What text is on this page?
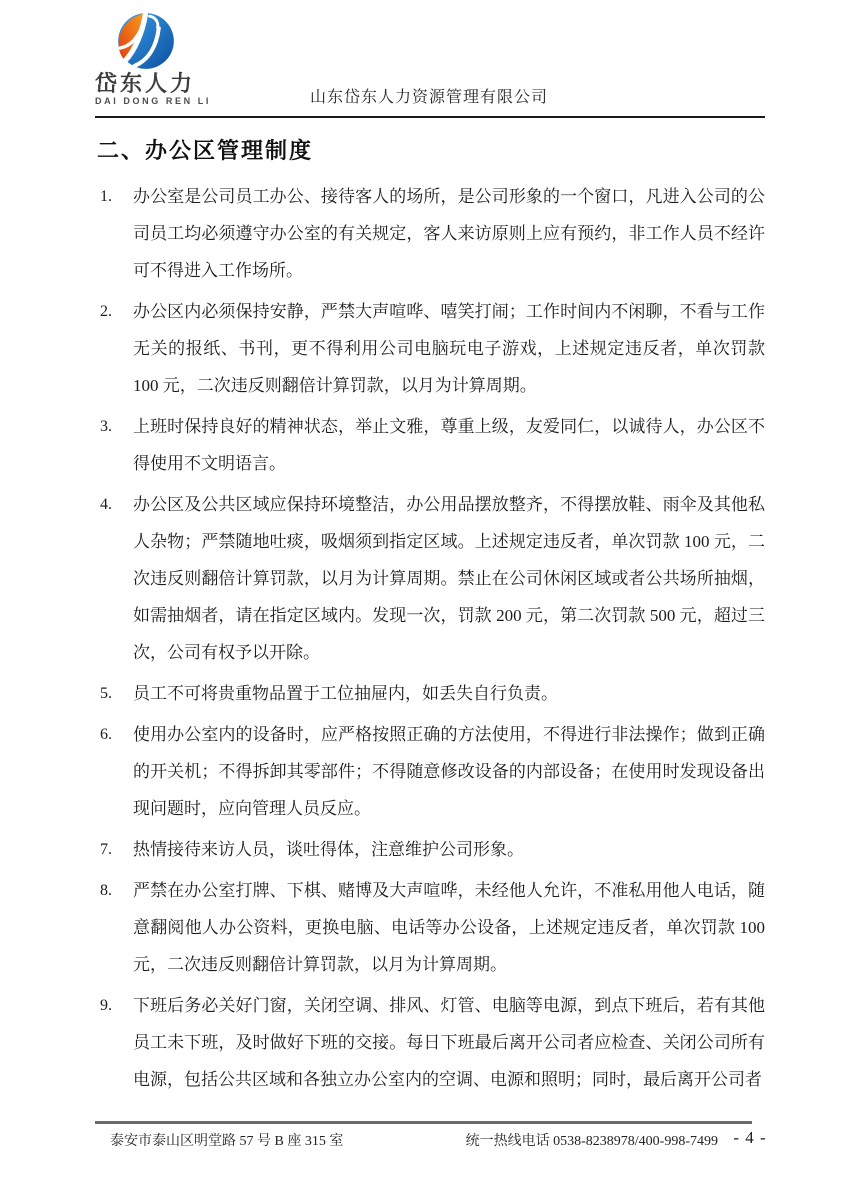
岱东人力
DAI DONG REN LI	山东岱东人力资源管理有限公司
二、办公区管理制度
1. 办公室是公司员工办公、接待客人的场所，是公司形象的一个窗口，凡进入公司的公司员工均必须遵守办公室的有关规定，客人来访原则上应有预约，非工作人员不经许可不得进入工作场所。
2. 办公区内必须保持安静，严禁大声喧哗、嘻笑打闹；工作时间内不闲聊，不看与工作无关的报纸、书刊，更不得利用公司电脑玩电子游戏，上述规定违反者，单次罚款 100 元，二次违反则翻倍计算罚款，以月为计算周期。
3. 上班时保持良好的精神状态，举止文雅，尊重上级，友爱同仁，以诚待人，办公区不得使用不文明语言。
4. 办公区及公共区域应保持环境整洁，办公用品摆放整齐，不得摆放鞋、雨伞及其他私人杂物；严禁随地吐痰，吸烟须到指定区域。上述规定违反者，单次罚款 100 元，二次违反则翻倍计算罚款，以月为计算周期。禁止在公司休闲区域或者公共场所抽烟，如需抽烟者，请在指定区域内。发现一次，罚款 200 元，第二次罚款 500 元，超过三次，公司有权予以开除。
5. 员工不可将贵重物品置于工位抽屉内，如丢失自行负责。
6. 使用办公室内的设备时，应严格按照正确的方法使用，不得进行非法操作；做到正确的开关机；不得拆卸其零部件；不得随意修改设备的内部设备；在使用时发现设备出现问题时，应向管理人员反应。
7. 热情接待来访人员，谈吐得体，注意维护公司形象。
8. 严禁在办公室打牌、下棋、赌博及大声喧哗，未经他人允许，不准私用他人电话，随意翻阅他人办公资料，更换电脑、电话等办公设备，上述规定违反者，单次罚款 100 元，二次违反则翻倍计算罚款，以月为计算周期。
9. 下班后务必关好门窗，关闭空调、排风、灯管、电脑等电源，到点下班后，若有其他员工未下班，及时做好下班的交接。每日下班最后离开公司者应检查、关闭公司所有电源，包括公共区域和各独立办公室内的空调、电源和照明；同时，最后离开公司者
泰安市泰山区明堂路 57 号 B 座 315 室	统一热线电话 0538-8238978/400-998-7499 - 4 -
